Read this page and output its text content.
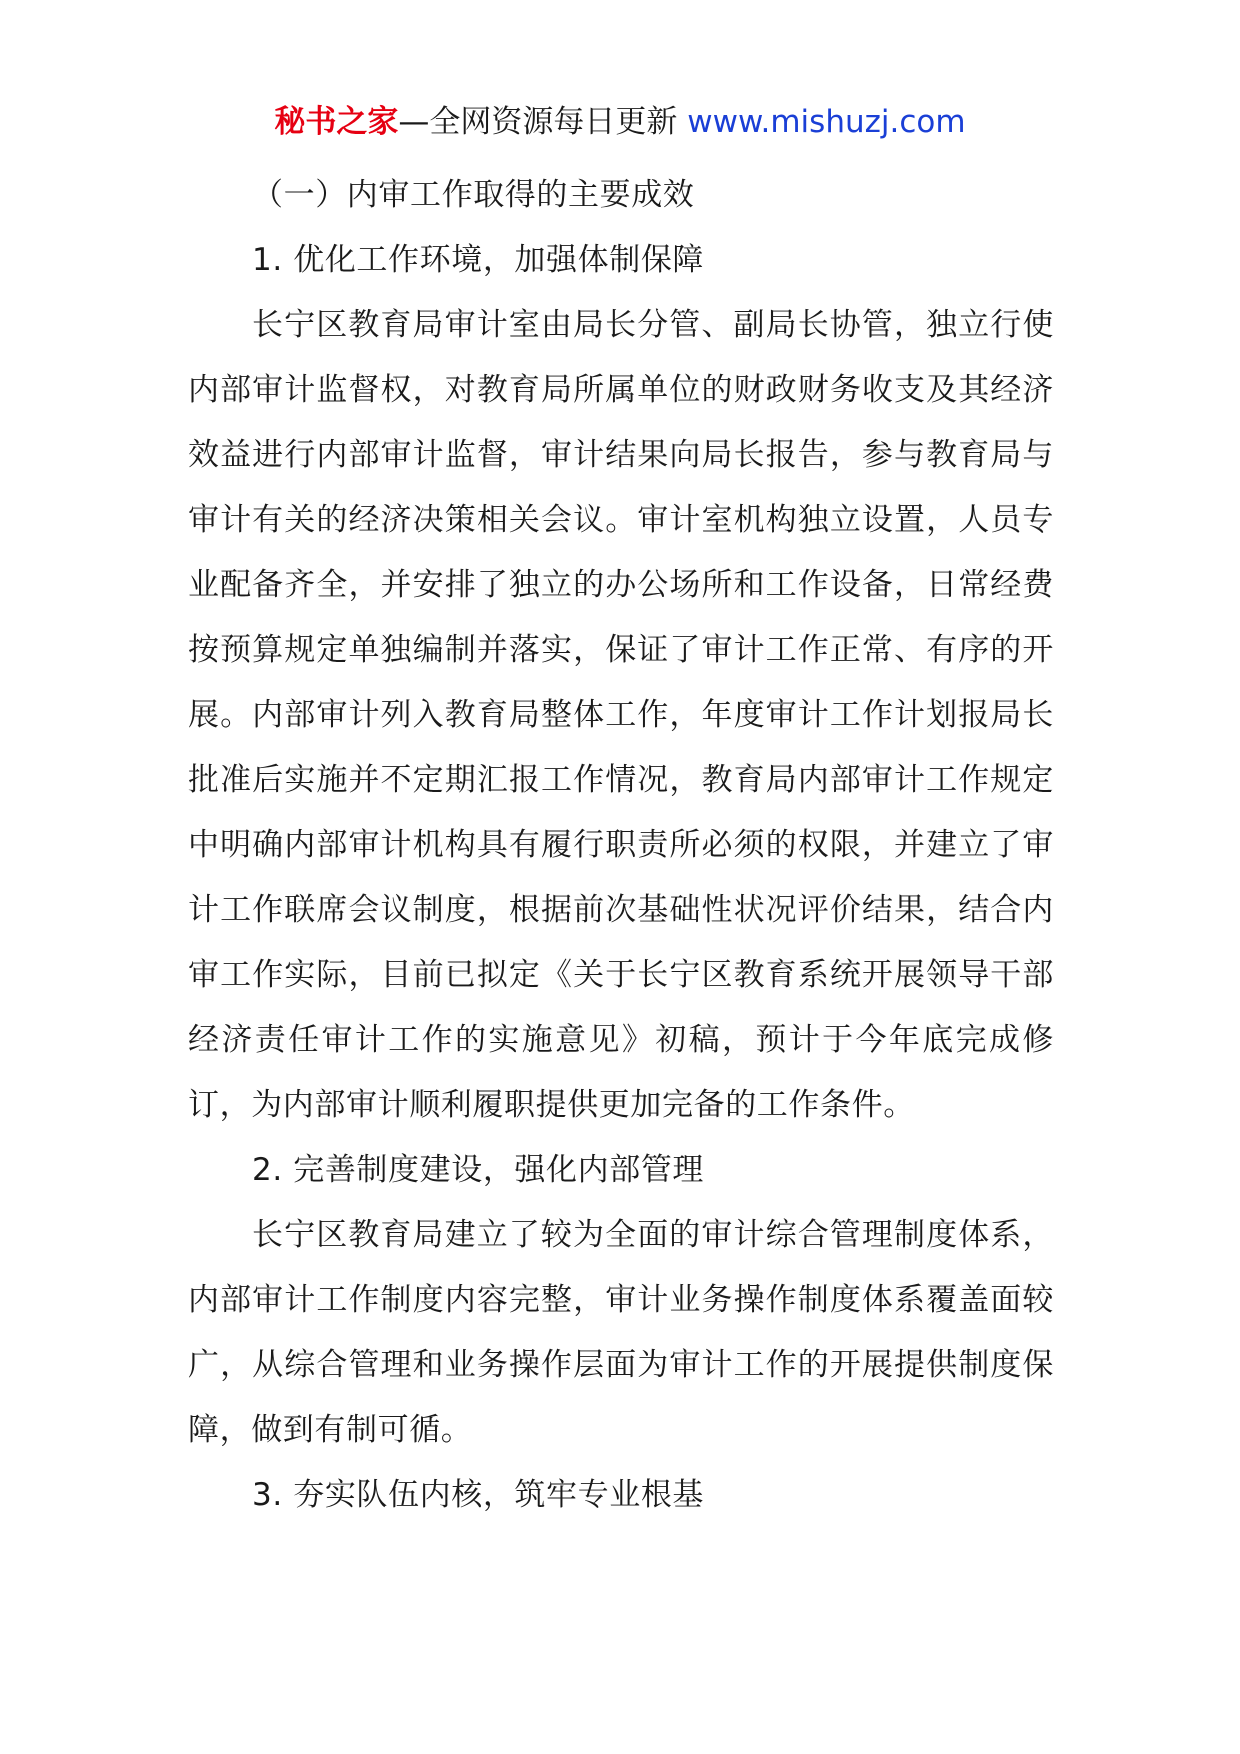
秘书之家—全网资源每日更新 www.mishuzj.com

（一）内审工作取得的主要成效

1. 优化工作环境，加强体制保障

长宁区教育局审计室由局长分管、副局长协管，独立行使内部审计监督权，对教育局所属单位的财政财务收支及其经济效益进行内部审计监督，审计结果向局长报告，参与教育局与审计有关的经济决策相关会议。审计室机构独立设置，人员专业配备齐全，并安排了独立的办公场所和工作设备，日常经费按预算规定单独编制并落实，保证了审计工作正常、有序的开展。内部审计列入教育局整体工作，年度审计工作计划报局长批准后实施并不定期汇报工作情况，教育局内部审计工作规定中明确内部审计机构具有履行职责所必须的权限，并建立了审计工作联席会议制度，根据前次基础性状况评价结果，结合内审工作实际，目前已拟定《关于长宁区教育系统开展领导干部经济责任审计工作的实施意见》初稿，预计于今年底完成修订，为内部审计顺利履职提供更加完备的工作条件。

2. 完善制度建设，强化内部管理

长宁区教育局建立了较为全面的审计综合管理制度体系，内部审计工作制度内容完整，审计业务操作制度体系覆盖面较广，从综合管理和业务操作层面为审计工作的开展提供制度保障，做到有制可循。

3. 夯实队伍内核，筑牢专业根基
